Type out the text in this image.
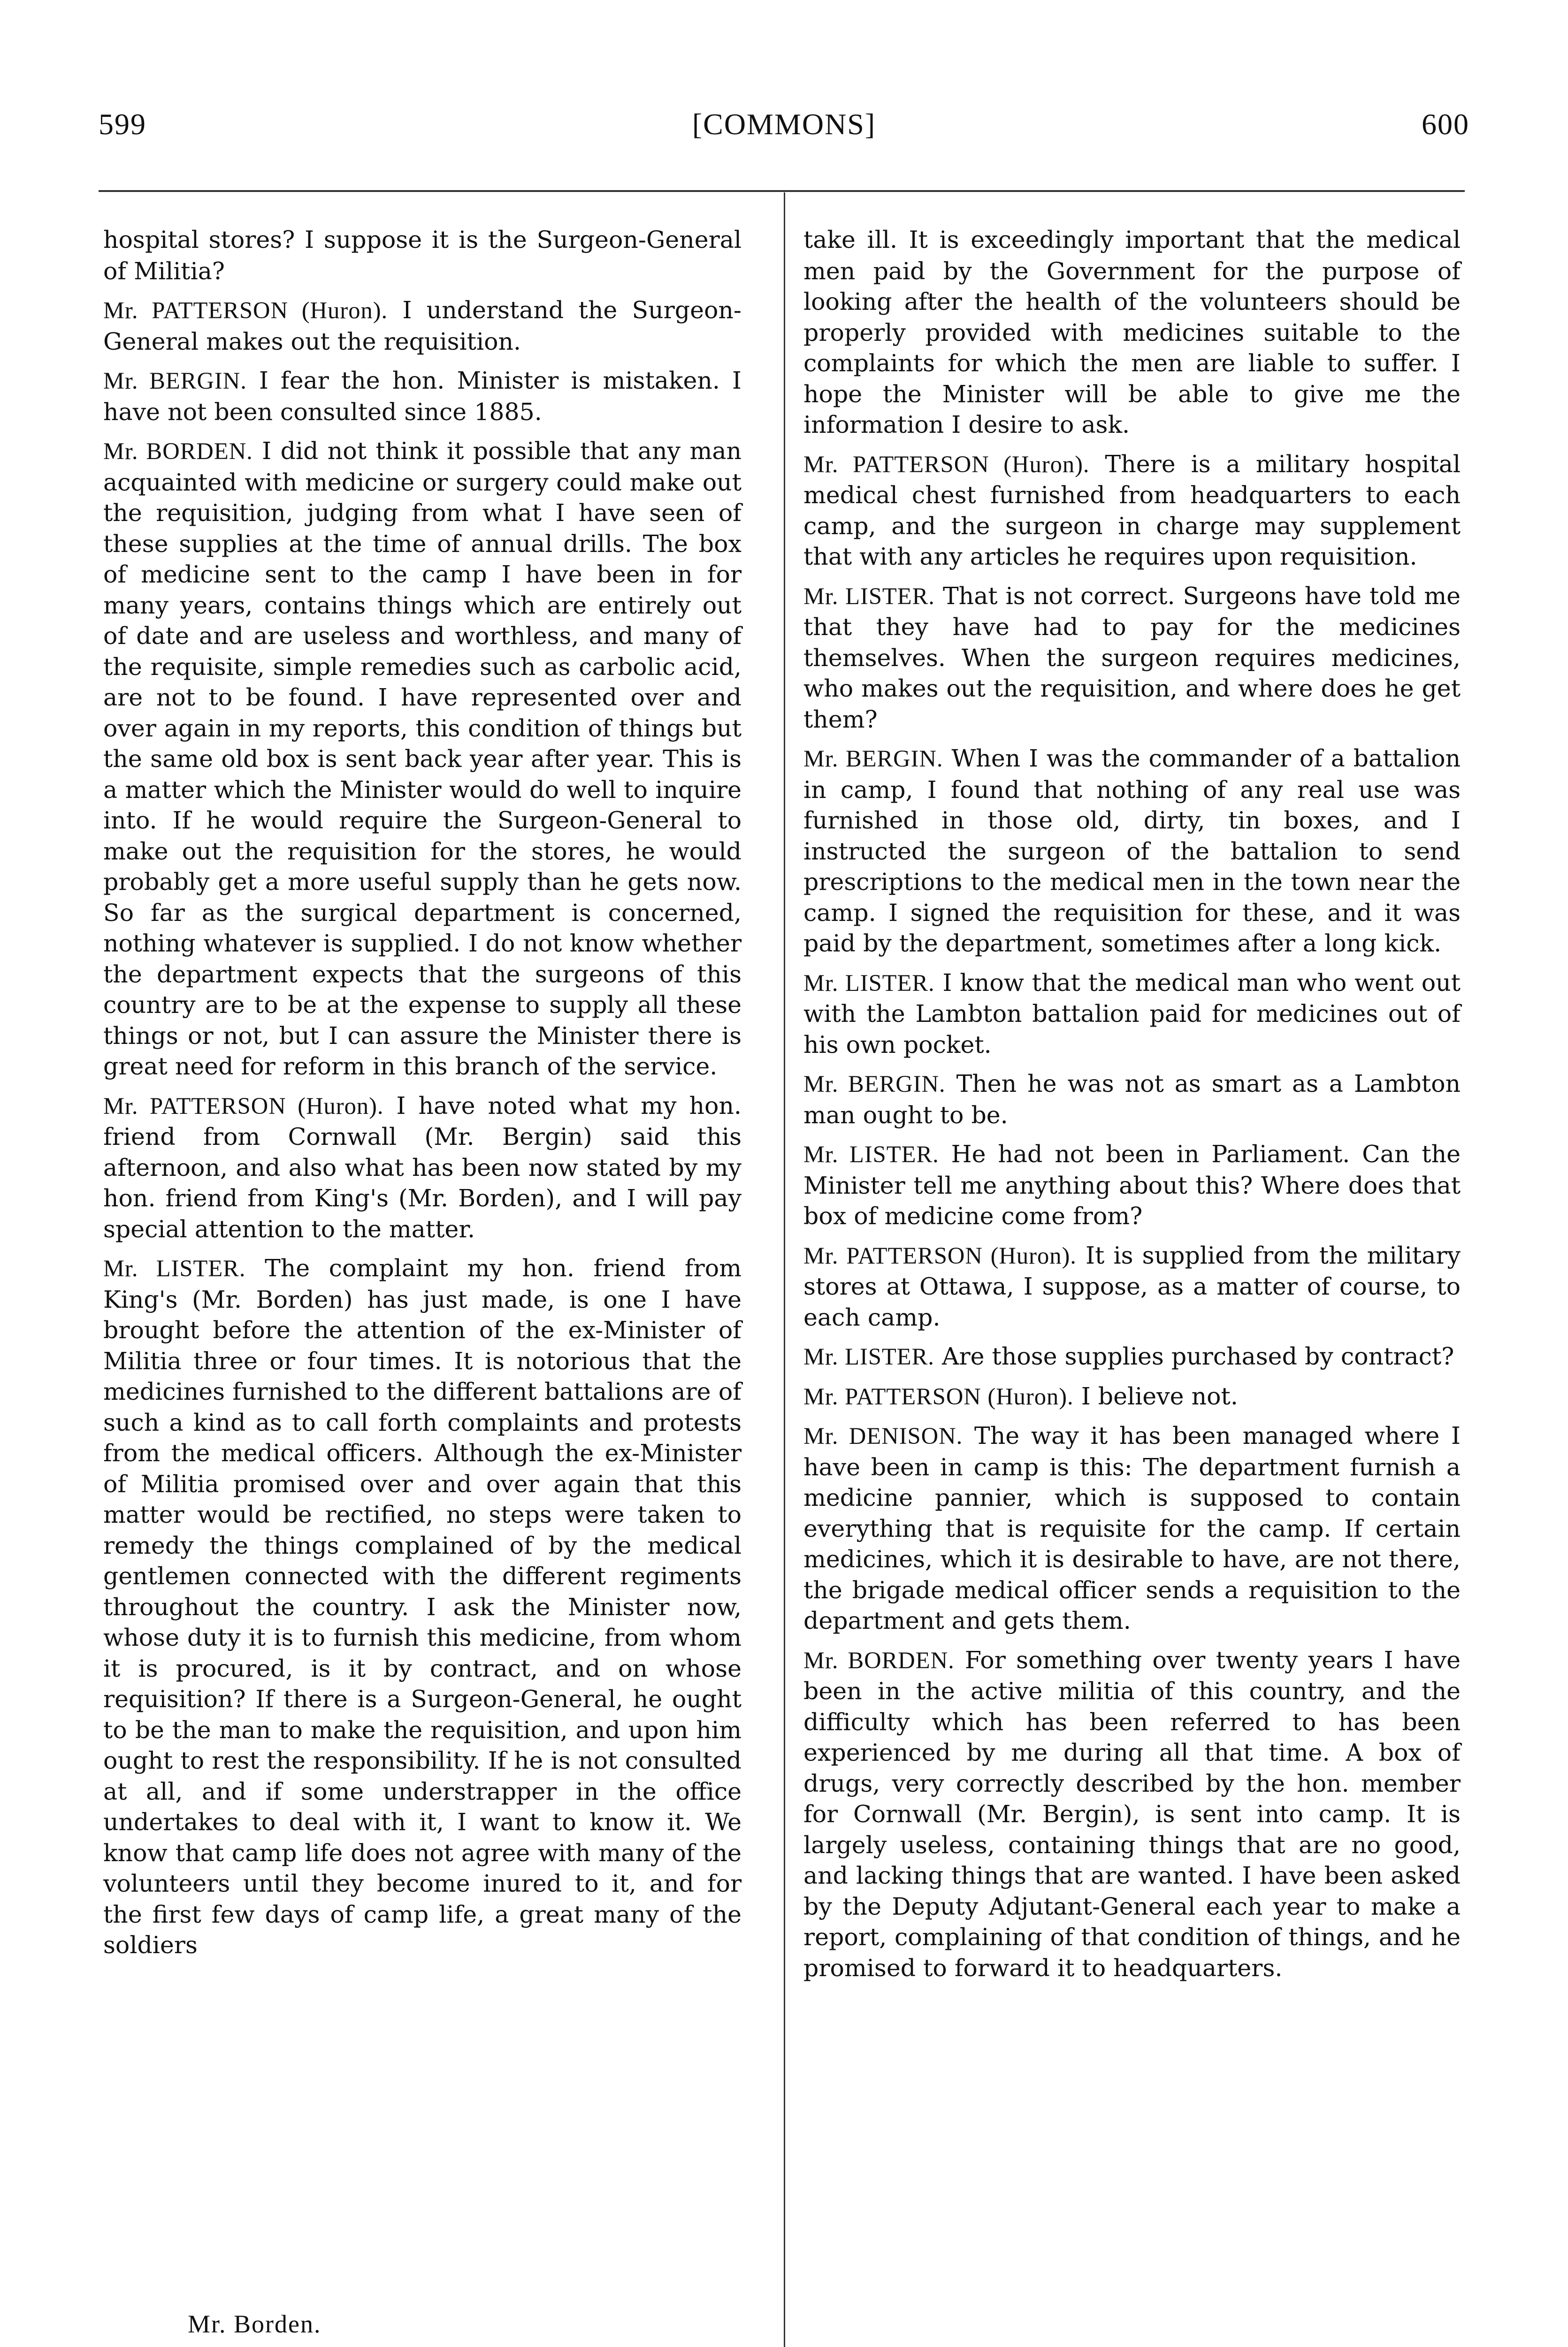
599	[COMMONS]	600

hospital stores? I suppose it is the Surgeon-General of Militia?

Mr. PATTERSON (Huron). I understand the Surgeon-General makes out the requisition.

Mr. BERGIN. I fear the hon. Minister is mistaken. I have not been consulted since 1885.

Mr. BORDEN. I did not think it possible that any man acquainted with medicine or surgery could make out the requisition, judging from what I have seen of these supplies at the time of annual drills. The box of medicine sent to the camp I have been in for many years, contains things which are entirely out of date and are useless and worthless, and many of the requisite, simple remedies such as carbolic acid, are not to be found. I have represented over and over again in my reports, this condition of things but the same old box is sent back year after year. This is a matter which the Minister would do well to inquire into. If he would require the Surgeon-General to make out the requisition for the stores, he would probably get a more useful supply than he gets now. So far as the surgical department is concerned, nothing whatever is supplied. I do not know whether the department expects that the surgeons of this country are to be at the expense to supply all these things or not, but I can assure the Minister there is great need for reform in this branch of the service.

Mr. PATTERSON (Huron). I have noted what my hon. friend from Cornwall (Mr. Bergin) said this afternoon, and also what has been now stated by my hon. friend from King's (Mr. Borden), and I will pay special attention to the matter.

Mr. LISTER. The complaint my hon. friend from King's (Mr. Borden) has just made, is one I have brought before the attention of the ex-Minister of Militia three or four times. It is notorious that the medicines furnished to the different battalions are of such a kind as to call forth complaints and protests from the medical officers. Although the ex-Minister of Militia promised over and over again that this matter would be rectified, no steps were taken to remedy the things complained of by the medical gentlemen connected with the different regiments throughout the country. I ask the Minister now, whose duty it is to furnish this medicine, from whom it is procured, is it by contract, and on whose requisition? If there is a Surgeon-General, he ought to be the man to make the requisition, and upon him ought to rest the responsibility. If he is not consulted at all, and if some understrapper in the office undertakes to deal with it, I want to know it. We know that camp life does not agree with many of the volunteers until they become inured to it, and for the first few days of camp life, a great many of the soldiers

take ill. It is exceedingly important that the medical men paid by the Government for the purpose of looking after the health of the volunteers should be properly provided with medicines suitable to the complaints for which the men are liable to suffer. I hope the Minister will be able to give me the information I desire to ask.

Mr. PATTERSON (Huron). There is a military hospital medical chest furnished from headquarters to each camp, and the surgeon in charge may supplement that with any articles he requires upon requisition.

Mr. LISTER. That is not correct. Surgeons have told me that they have had to pay for the medicines themselves. When the surgeon requires medicines, who makes out the requisition, and where does he get them?

Mr. BERGIN. When I was the commander of a battalion in camp, I found that nothing of any real use was furnished in those old, dirty, tin boxes, and I instructed the surgeon of the battalion to send prescriptions to the medical men in the town near the camp. I signed the requisition for these, and it was paid by the department, sometimes after a long kick.

Mr. LISTER. I know that the medical man who went out with the Lambton battalion paid for medicines out of his own pocket.

Mr. BERGIN. Then he was not as smart as a Lambton man ought to be.

Mr. LISTER. He had not been in Parliament. Can the Minister tell me anything about this? Where does that box of medicine come from?

Mr. PATTERSON (Huron). It is supplied from the military stores at Ottawa, I suppose, as a matter of course, to each camp.

Mr. LISTER. Are those supplies purchased by contract?

Mr. PATTERSON (Huron). I believe not.

Mr. DENISON. The way it has been managed where I have been in camp is this: The department furnish a medicine pannier, which is supposed to contain everything that is requisite for the camp. If certain medicines, which it is desirable to have, are not there, the brigade medical officer sends a requisition to the department and gets them.

Mr. BORDEN. For something over twenty years I have been in the active militia of this country, and the difficulty which has been referred to has been experienced by me during all that time. A box of drugs, very correctly described by the hon. member for Cornwall (Mr. Bergin), is sent into camp. It is largely useless, containing things that are no good, and lacking things that are wanted. I have been asked by the Deputy Adjutant-General each year to make a report, complaining of that condition of things, and he promised to forward it to headquarters.

Mr. Borden.
